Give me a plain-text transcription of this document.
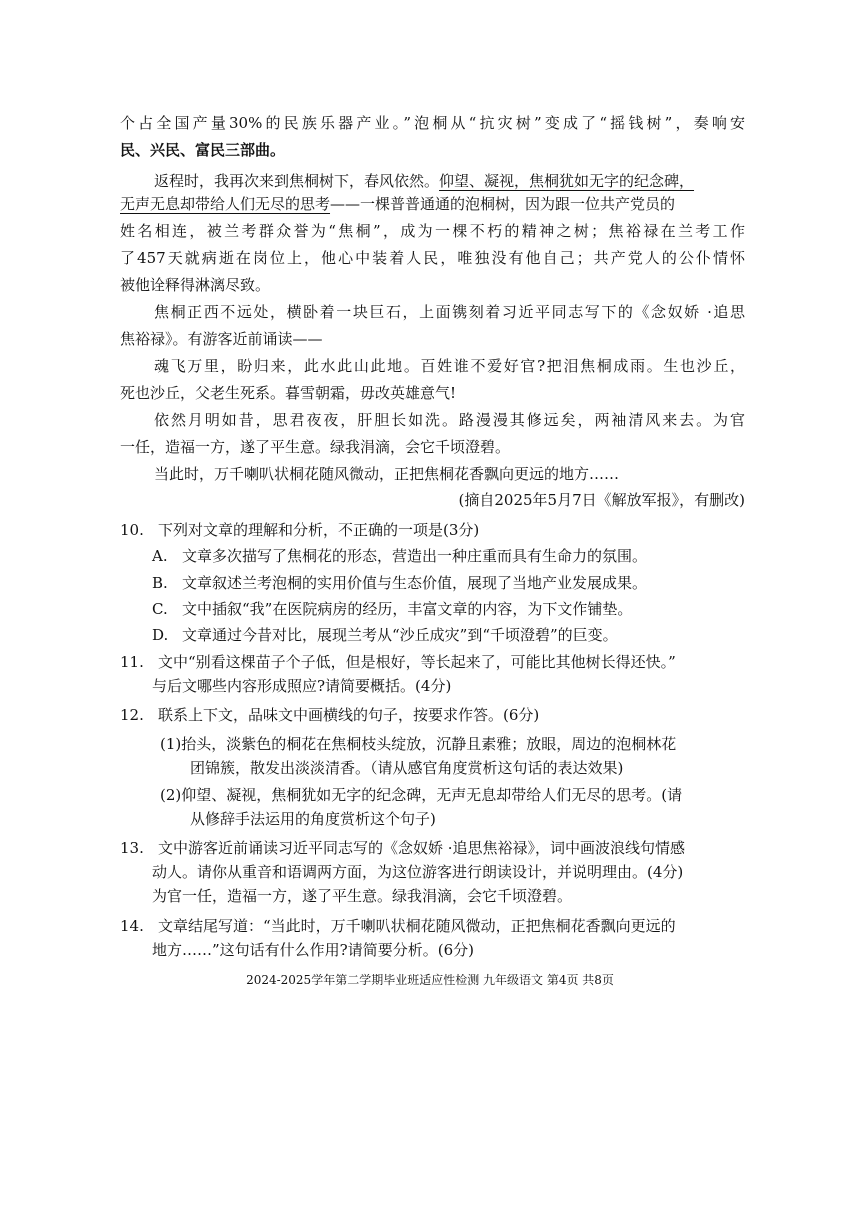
个占全国产量30%的民族乐器产业。”泡桐从“抗灾树”变成了“摇钱树”，奏响安
民、兴民、富民三部曲。
返程时，我再次来到焦桐树下，春风依然。仰望、凝视，焦桐犹如无字的纪念碑，
无声无息却带给人们无尽的思考——一棵普普通通的泡桐树，因为跟一位共产党员的
姓名相连，被兰考群众誉为“焦桐”，成为一棵不朽的精神之树；焦裕禄在兰考工作
了457天就病逝在岗位上，他心中装着人民，唯独没有他自己；共产党人的公仆情怀
被他诠释得淋漓尽致。
焦桐正西不远处，横卧着一块巨石，上面镌刻着习近平同志写下的《念奴娇 ·追思
焦裕禄》。有游客近前诵读——
魂飞万里，盼归来，此水此山此地。百姓谁不爱好官?把泪焦桐成雨。生也沙丘，
死也沙丘，父老生死系。暮雪朝霜，毋改英雄意气!
依然月明如昔，思君夜夜，肝胆长如洗。路漫漫其修远矣，两袖清风来去。为官
一任，造福一方，遂了平生意。绿我涓滴，会它千顷澄碧。
当此时，万千喇叭状桐花随风微动，正把焦桐花香飘向更远的地方……
(摘自2025年5月7日《解放军报》，有删改)
10. 下列对文章的理解和分析，不正确的一项是(3分)
A. 文章多次描写了焦桐花的形态，营造出一种庄重而具有生命力的氛围。
B. 文章叙述兰考泡桐的实用价值与生态价值，展现了当地产业发展成果。
C. 文中插叙“我”在医院病房的经历，丰富文章的内容，为下文作铺垫。
D. 文章通过今昔对比，展现兰考从“沙丘成灾”到“千顷澄碧”的巨变。
11. 文中“别看这棵苗子个子低，但是根好，等长起来了，可能比其他树长得还快。”
与后文哪些内容形成照应?请简要概括。(4分)
12. 联系上下文，品味文中画横线的句子，按要求作答。(6分)
(1)抬头，淡紫色的桐花在焦桐枝头绽放，沉静且素雅；放眼，周边的泡桐林花
团锦簇，散发出淡淡清香。（请从感官角度赏析这句话的表达效果)
(2)仰望、凝视，焦桐犹如无字的纪念碑，无声无息却带给人们无尽的思考。(请
从修辞手法运用的角度赏析这个句子)
13. 文中游客近前诵读习近平同志写的《念奴娇 ·追思焦裕禄》，词中画波浪线句情感
动人。请你从重音和语调两方面，为这位游客进行朗读设计，并说明理由。(4分)
为官一任，造福一方，遂了平生意。绿我涓滴，会它千顷澄碧。
14. 文章结尾写道：“当此时，万千喇叭状桐花随风微动，正把焦桐花香飘向更远的
地方……”这句话有什么作用?请简要分析。(6分)
2024-2025学年第二学期毕业班适应性检测 九年级语文 第4页 共8页
